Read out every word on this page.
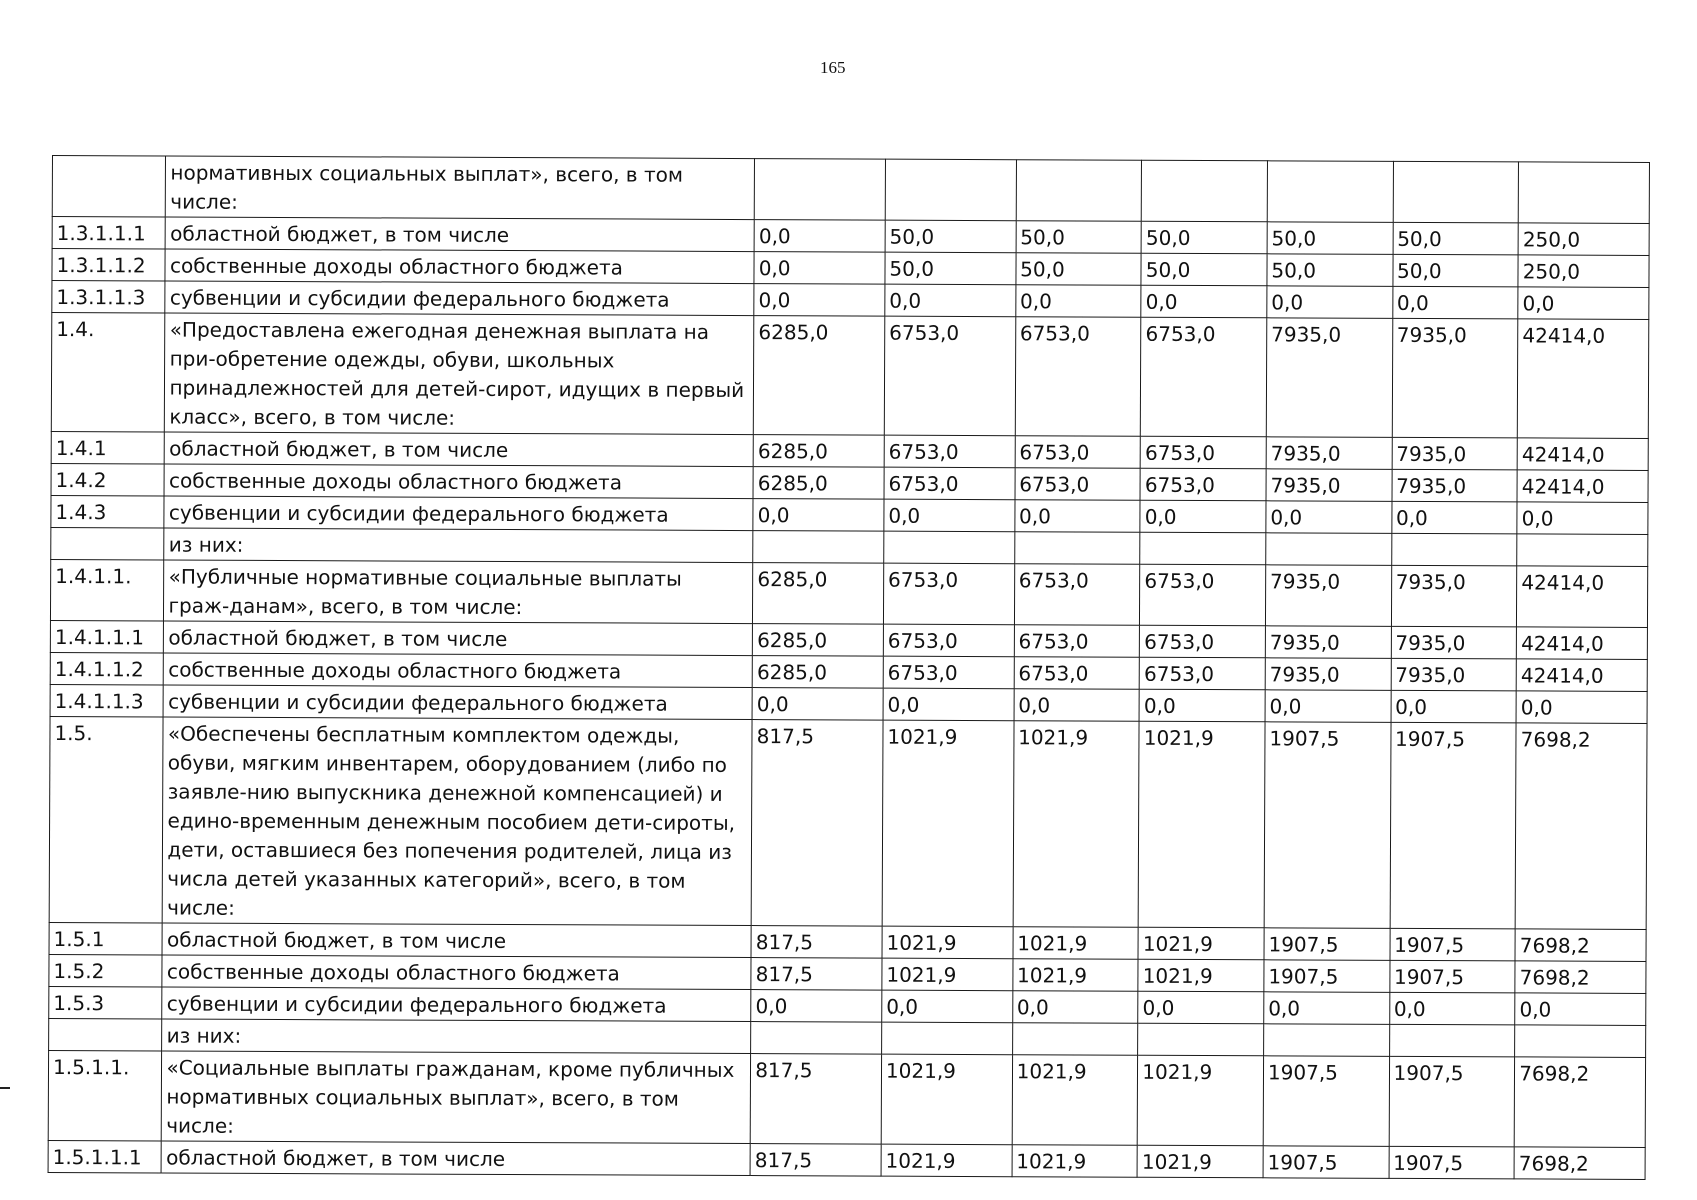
165
	нормативных социальных выплат», всего, в том числе:							
1.3.1.1.1	областной бюджет, в том числе	0,0	50,0	50,0	50,0	50,0	50,0	250,0
1.3.1.1.2	собственные доходы областного бюджета	0,0	50,0	50,0	50,0	50,0	50,0	250,0
1.3.1.1.3	субвенции и субсидии федерального бюджета	0,0	0,0	0,0	0,0	0,0	0,0	0,0
1.4.	«Предоставлена ежегодная денежная выплата на при-обретение одежды, обуви, школьных принадлежностей для детей-сирот, идущих в первый класс», всего, в том числе:	6285,0	6753,0	6753,0	6753,0	7935,0	7935,0	42414,0
1.4.1	областной бюджет, в том числе	6285,0	6753,0	6753,0	6753,0	7935,0	7935,0	42414,0
1.4.2	собственные доходы областного бюджета	6285,0	6753,0	6753,0	6753,0	7935,0	7935,0	42414,0
1.4.3	субвенции и субсидии федерального бюджета	0,0	0,0	0,0	0,0	0,0	0,0	0,0
	из них:							
1.4.1.1.	«Публичные нормативные социальные выплаты граж-данам», всего, в том числе:	6285,0	6753,0	6753,0	6753,0	7935,0	7935,0	42414,0
1.4.1.1.1	областной бюджет, в том числе	6285,0	6753,0	6753,0	6753,0	7935,0	7935,0	42414,0
1.4.1.1.2	собственные доходы областного бюджета	6285,0	6753,0	6753,0	6753,0	7935,0	7935,0	42414,0
1.4.1.1.3	субвенции и субсидии федерального бюджета	0,0	0,0	0,0	0,0	0,0	0,0	0,0
1.5.	«Обеспечены бесплатным комплектом одежды, обуви, мягким инвентарем, оборудованием (либо по заявле-нию выпускника денежной компенсацией) и едино-временным денежным пособием дети-сироты, дети, оставшиеся без попечения родителей, лица из числа детей указанных категорий», всего, в том числе:	817,5	1021,9	1021,9	1021,9	1907,5	1907,5	7698,2
1.5.1	областной бюджет, в том числе	817,5	1021,9	1021,9	1021,9	1907,5	1907,5	7698,2
1.5.2	собственные доходы областного бюджета	817,5	1021,9	1021,9	1021,9	1907,5	1907,5	7698,2
1.5.3	субвенции и субсидии федерального бюджета	0,0	0,0	0,0	0,0	0,0	0,0	0,0
	из них:							
1.5.1.1.	«Социальные выплаты гражданам, кроме публичных нормативных социальных выплат», всего, в том числе:	817,5	1021,9	1021,9	1021,9	1907,5	1907,5	7698,2
1.5.1.1.1	областной бюджет, в том числе	817,5	1021,9	1021,9	1021,9	1907,5	1907,5	7698,2
